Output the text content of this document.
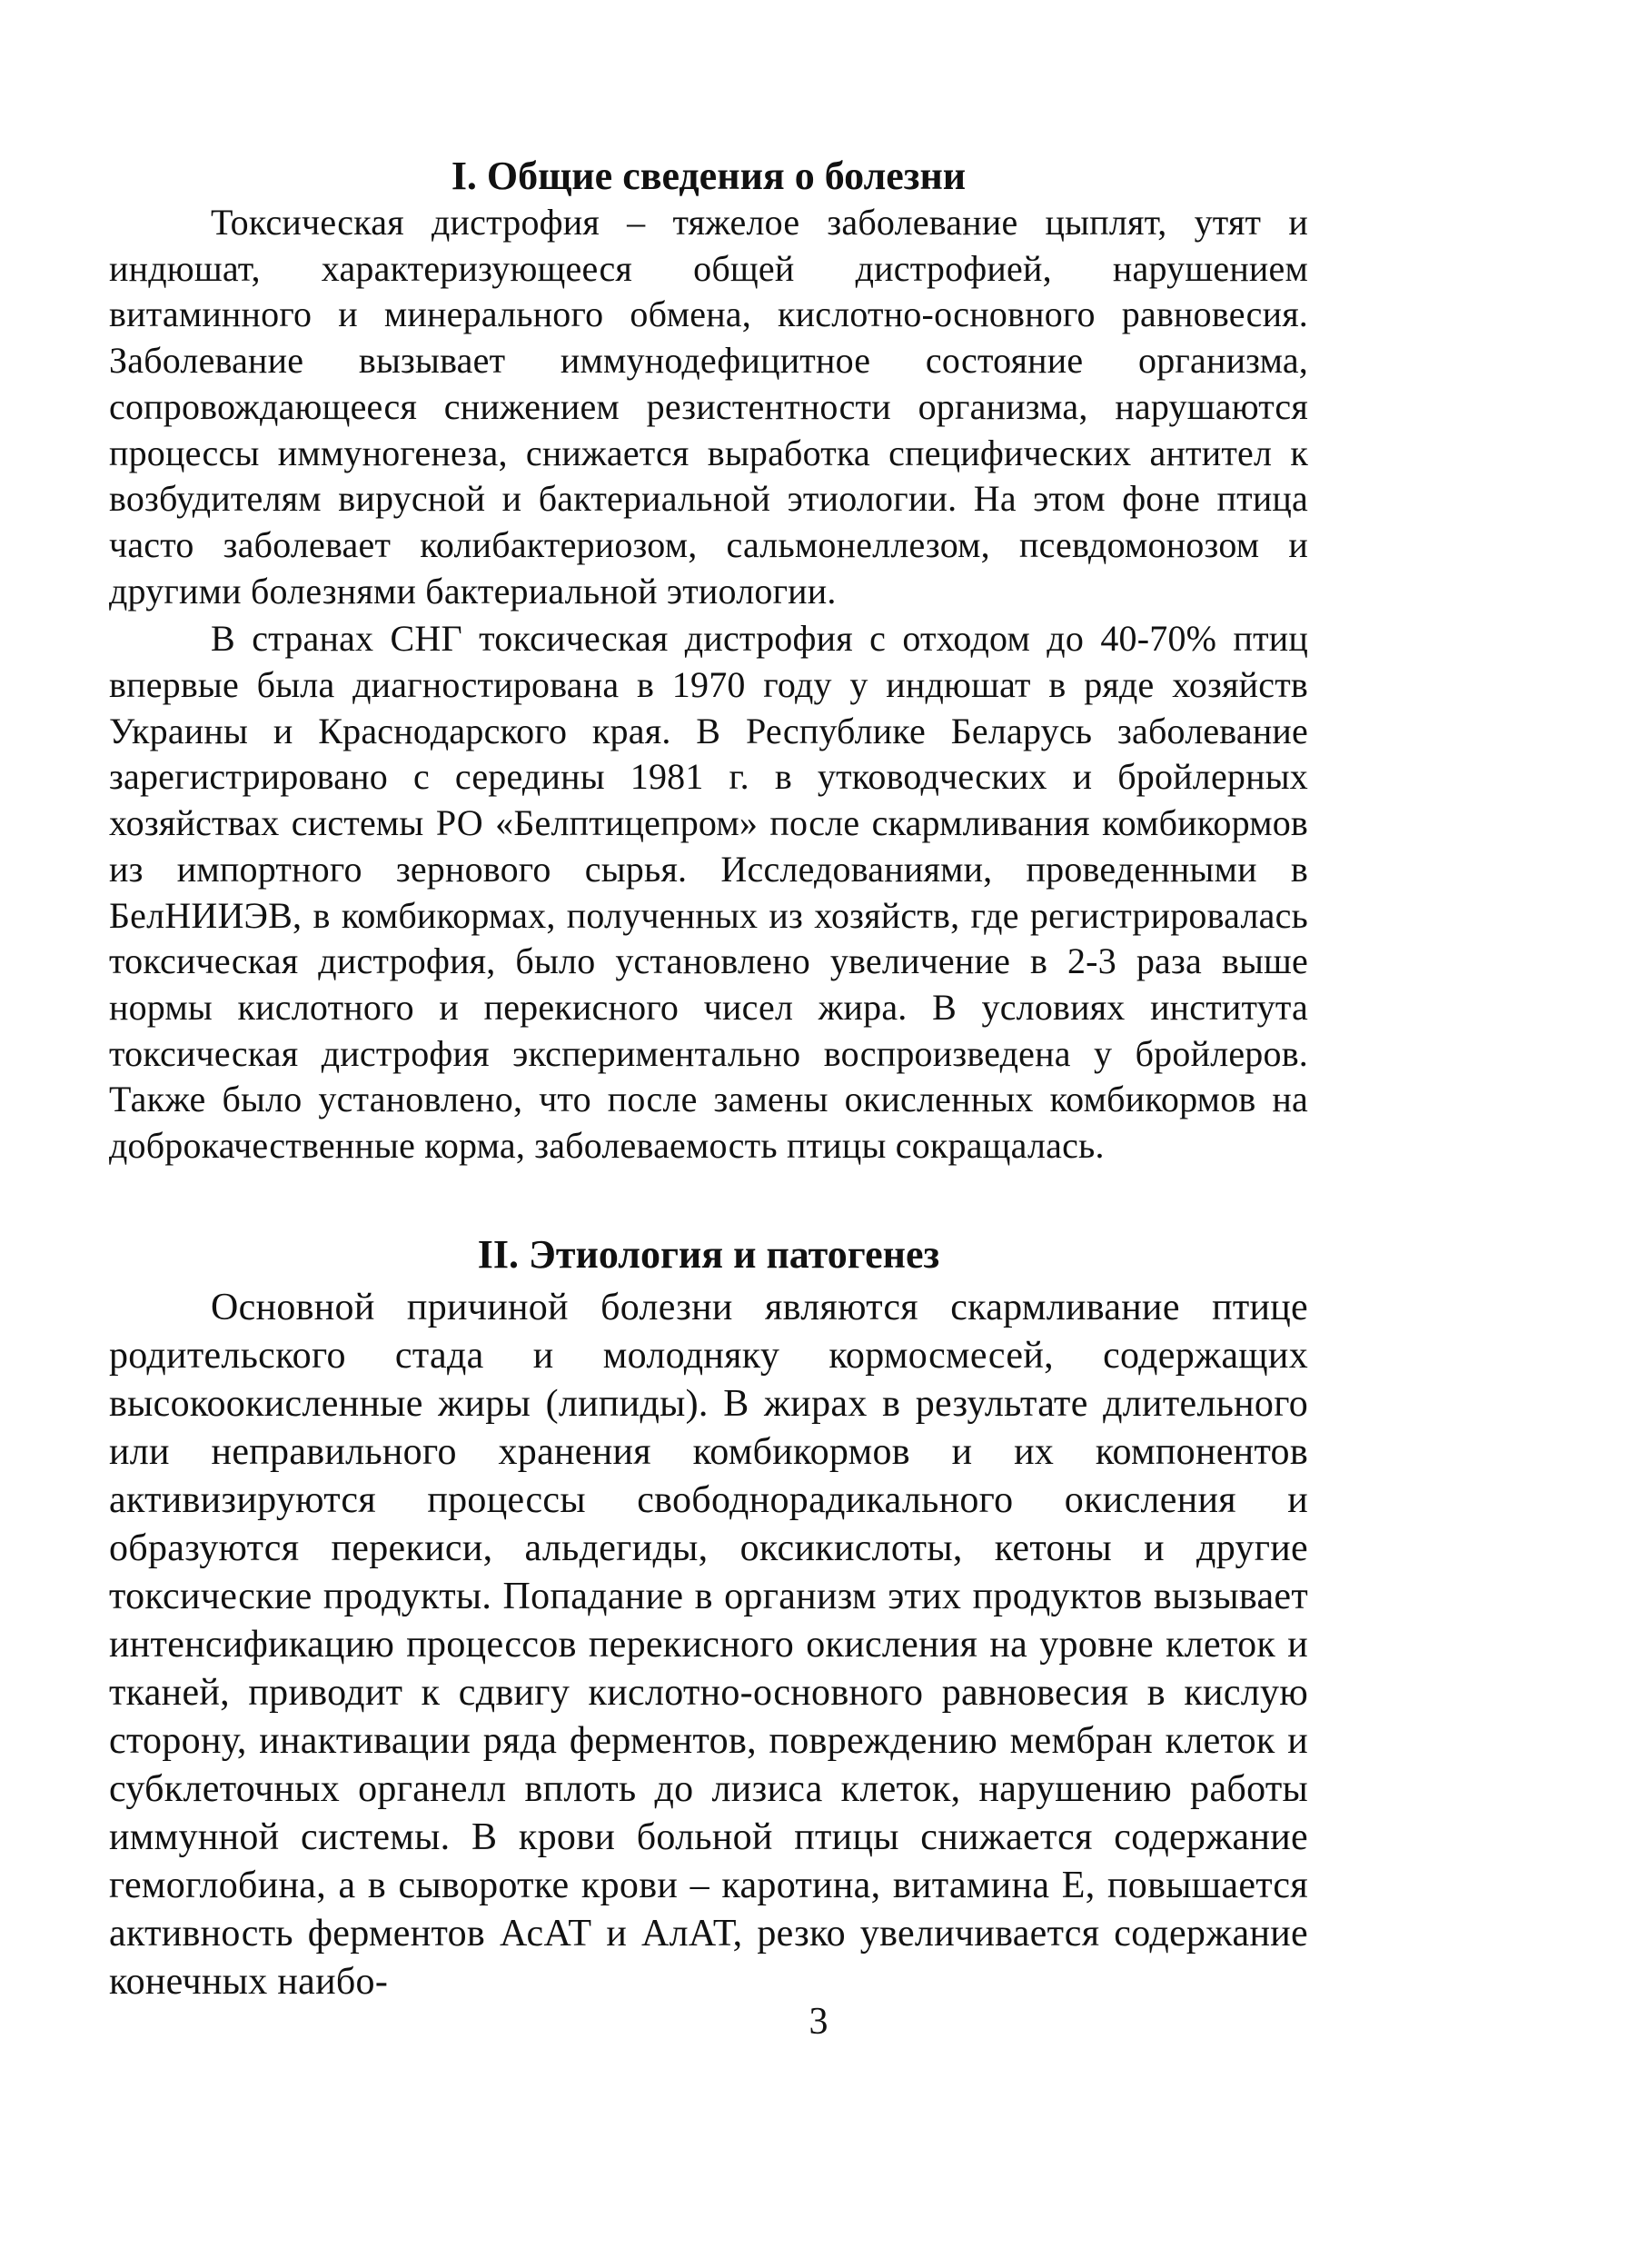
I. Общие сведения о болезни

Токсическая дистрофия – тяжелое заболевание цыплят, утят и индюшат, характеризующееся общей дистрофией, нарушением витаминного и минерального обмена, кислотно-основного равновесия. Заболевание вызывает иммунодефицитное состояние организма, сопровождающееся снижением резистентности организма, нарушаются процессы иммуногенеза, снижается выработка специфических антител к возбудителям вирусной и бактериальной этиологии. На этом фоне птица часто заболевает колибактериозом, сальмонеллезом, псевдомонозом и другими болезнями бактериальной этиологии.

В странах СНГ токсическая дистрофия с отходом до 40-70% птиц впервые была диагностирована в 1970 году у индюшат в ряде хозяйств Украины и Краснодарского края. В Республике Беларусь заболевание зарегистрировано с середины 1981 г. в утководческих и бройлерных хозяйствах системы РО «Белптицепром» после скармливания комбикормов из импортного зернового сырья. Исследованиями, проведенными в БелНИИЭВ, в комбикормах, полученных из хозяйств, где регистрировалась токсическая дистрофия, было установлено увеличение в 2-3 раза выше нормы кислотного и перекисного чисел жира. В условиях института токсическая дистрофия экспериментально воспроизведена у бройлеров. Также было установлено, что после замены окисленных комбикормов на доброкачественные корма, заболеваемость птицы сокращалась.

II. Этиология и патогенез

Основной причиной болезни являются скармливание птице родительского стада и молодняку кормосмесей, содержащих высокоокисленные жиры (липиды). В жирах в результате длительного или неправильного хранения комбикормов и их компонентов активизируются процессы свободнорадикального окисления и образуются перекиси, альдегиды, оксикислоты, кетоны и другие токсические продукты. Попадание в организм этих продуктов вызывает интенсификацию процессов перекисного окисления на уровне клеток и тканей, приводит к сдвигу кислотно-основного равновесия в кислую сторону, инактивации ряда ферментов, повреждению мембран клеток и субклеточных органелл вплоть до лизиса клеток, нарушению работы иммунной системы. В крови больной птицы снижается содержание гемоглобина, а в сыворотке крови – каротина, витамина Е, повышается активность ферментов АсАТ и АлАТ, резко увеличивается содержание конечных наибо-

3
